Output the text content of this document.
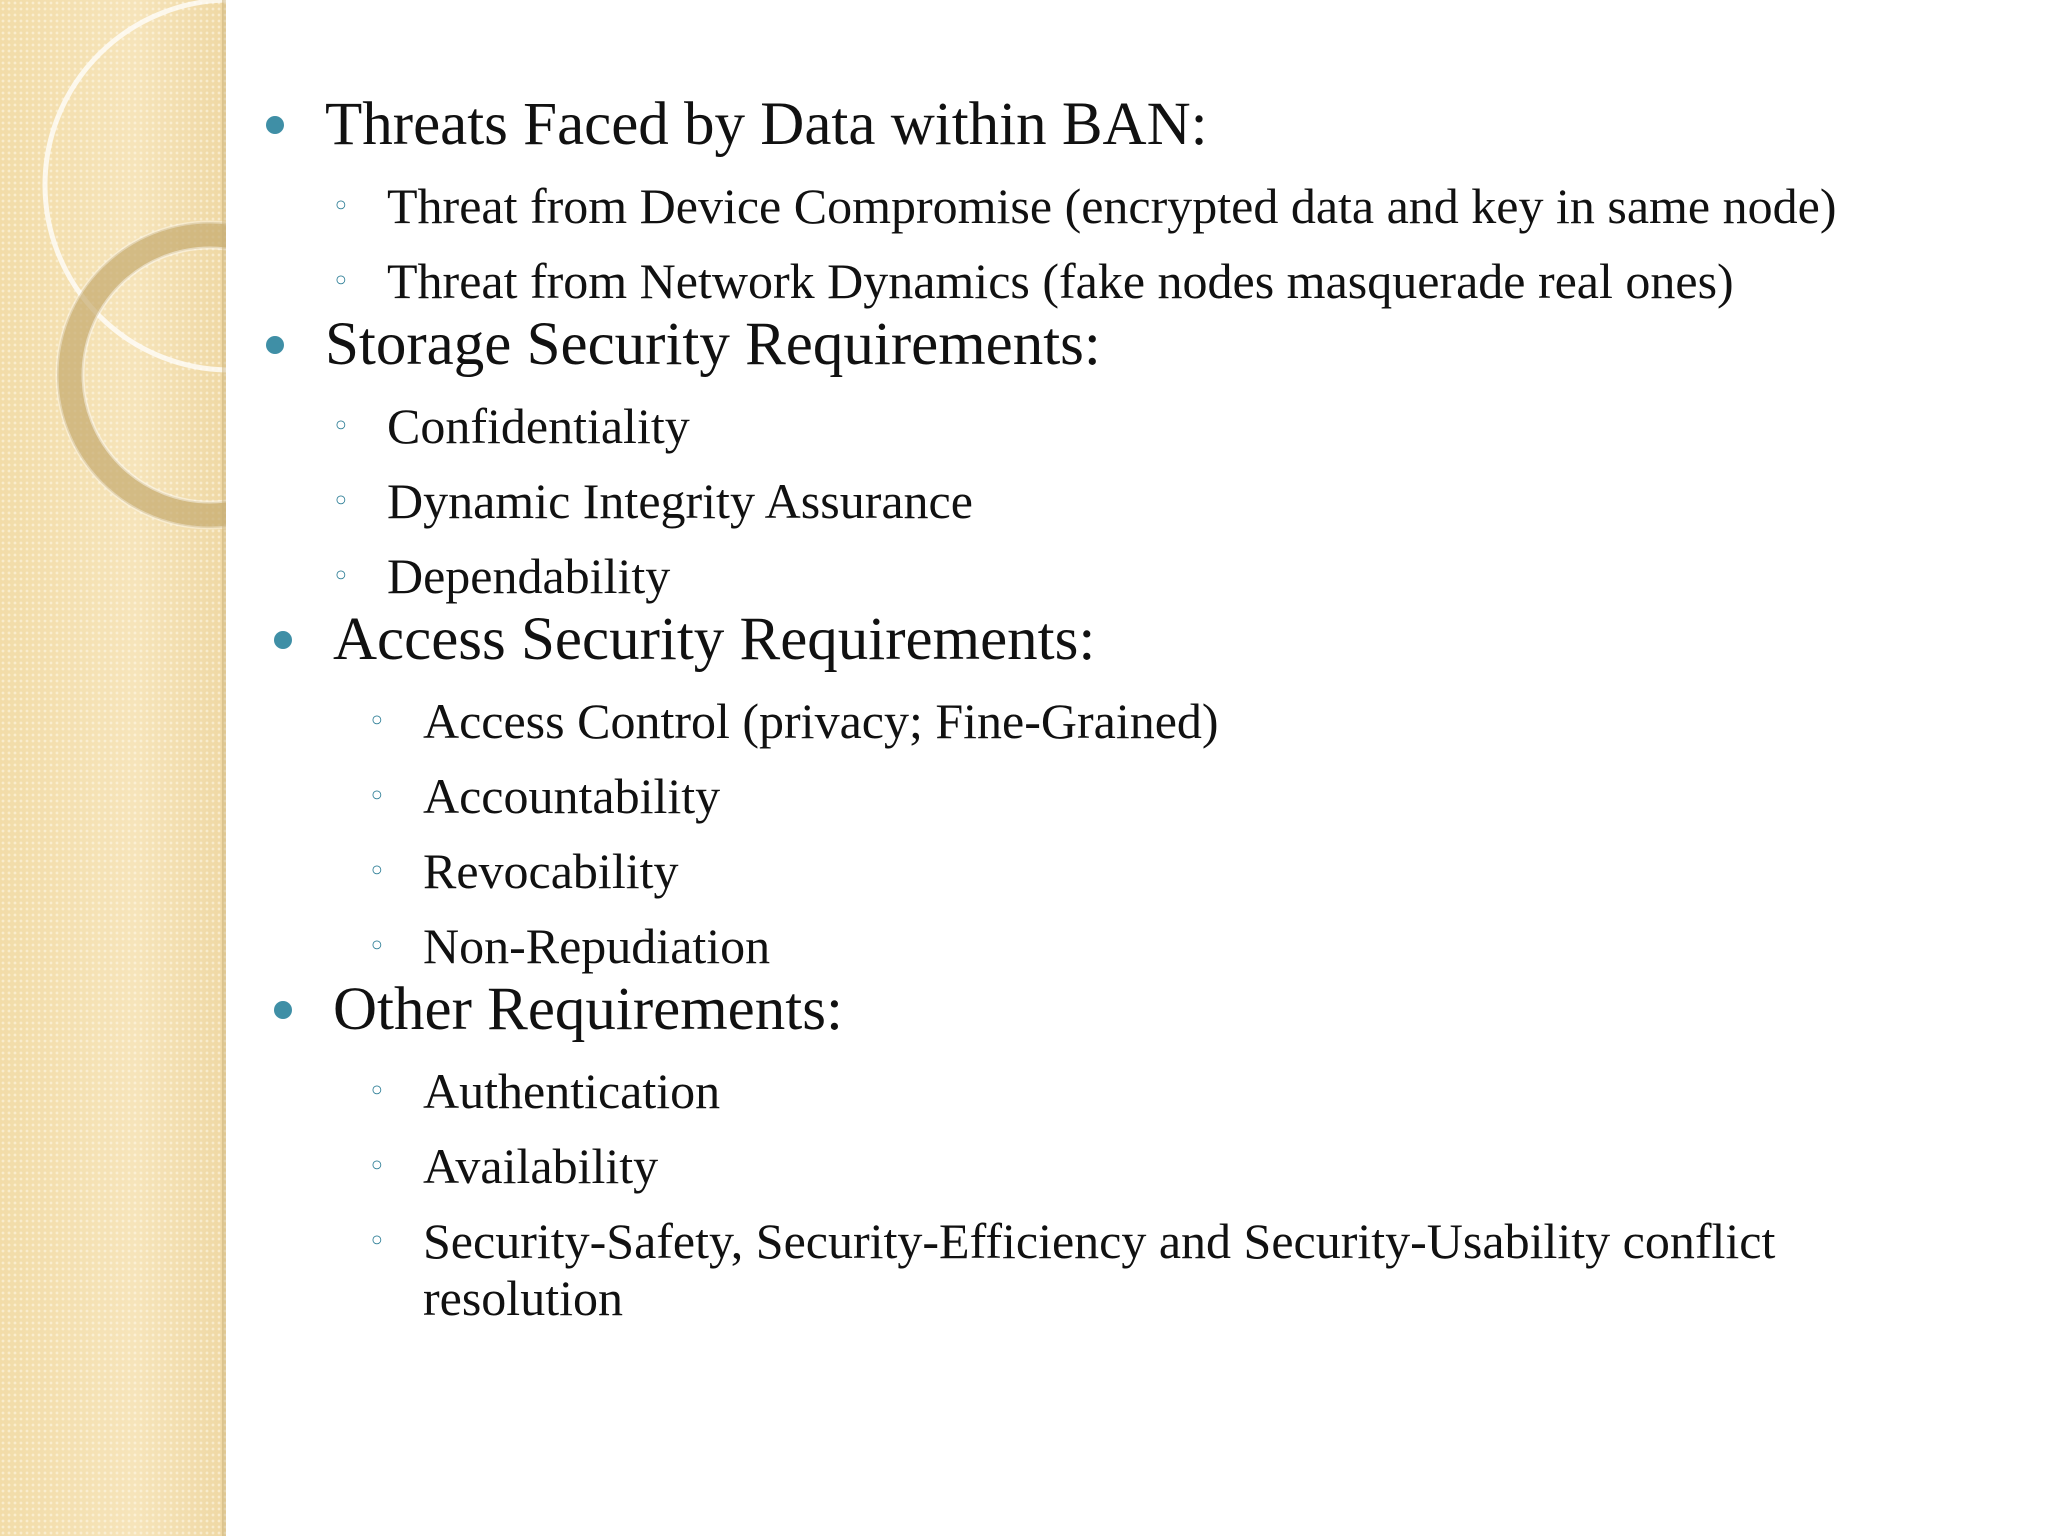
Threats Faced by Data within BAN:
◦ Threat from Device Compromise (encrypted data and key in same node)
◦ Threat from Network Dynamics (fake nodes masquerade real ones)
Storage Security Requirements:
◦ Confidentiality
◦ Dynamic Integrity Assurance
◦ Dependability
Access Security Requirements:
◦ Access Control (privacy; Fine-Grained)
◦ Accountability
◦ Revocability
◦ Non-Repudiation
Other Requirements:
◦ Authentication
◦ Availability
◦ Security-Safety, Security-Efficiency and Security-Usability conflict resolution
